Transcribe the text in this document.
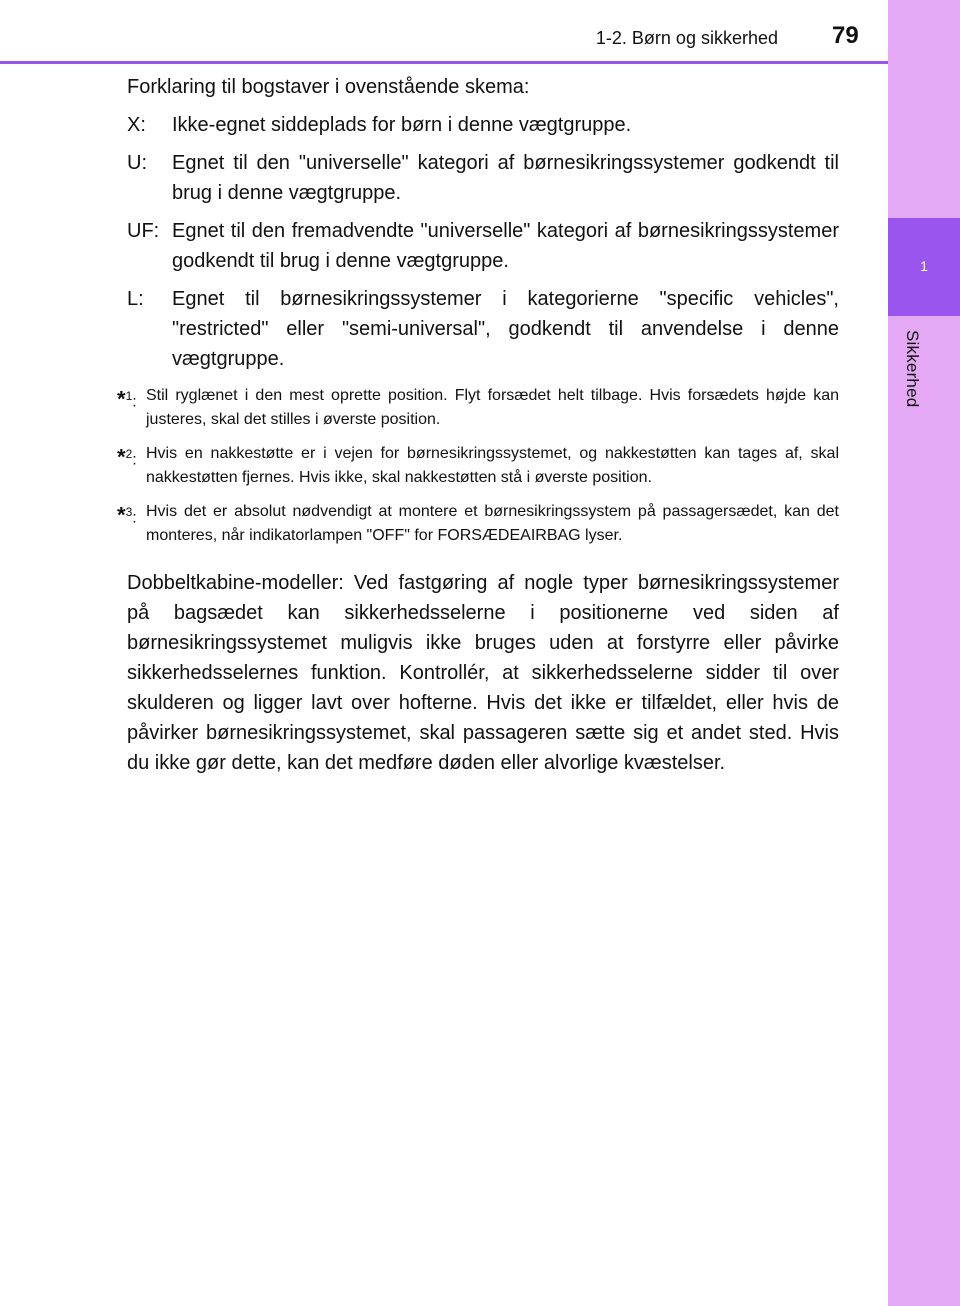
1
Sikkerhed
1-2. Børn og sikkerhed 79
Forklaring til bogstaver i ovenstående skema:
X:	Ikke-egnet siddeplads for børn i denne vægtgruppe.
U:	Egnet til den "universelle" kategori af børnesikringssystemer godkendt til brug i denne vægtgruppe.
UF: Egnet til den fremadvendte "universelle" kategori af børnesikringssystemer godkendt til brug i denne vægtgruppe.
L:	Egnet til børnesikringssystemer i kategorierne "specific vehicles", "restricted" eller "semi-universal", godkendt til anvendelse i denne vægtgruppe.
*$^1$: Stil ryglænet i den mest oprette position. Flyt forsædet helt tilbage. Hvis forsædets højde kan justeres, skal det stilles i øverste position.
*$^2$: Hvis en nakkestøtte er i vejen for børnesikringssystemet, og nakkestøtten kan tages af, skal nakkestøtten fjernes. Hvis ikke, skal nakkestøtten stå i øverste position.
*$^3$: Hvis det er absolut nødvendigt at montere et børnesikringssystem på passagersædet, kan det monteres, når indikatorlampen "OFF" for FORSÆDEAIRBAG lyser.
Dobbeltkabine-modeller: Ved fastgøring af nogle typer børnesikringssystemer på bagsædet kan sikkerhedsselerne i positionerne ved siden af børnesikringssystemet muligvis ikke bruges uden at forstyrre eller påvirke sikkerhedsselernes funktion. Kontrollér, at sikkerhedsselerne sidder til over skulderen og ligger lavt over hofterne. Hvis det ikke er tilfældet, eller hvis de påvirker børnesikringssystemet, skal passageren sætte sig et andet sted. Hvis du ikke gør dette, kan det medføre døden eller alvorlige kvæstelser.
